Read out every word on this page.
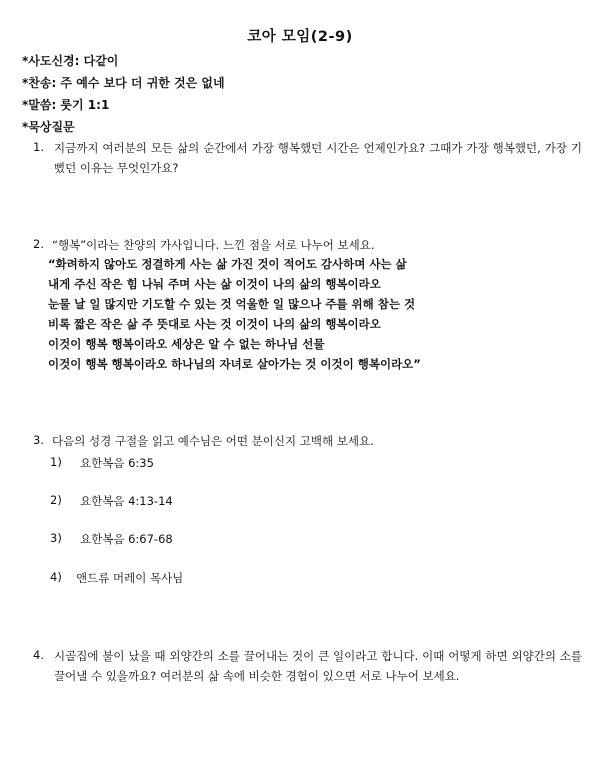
코아 모임(2-9)
*사도신경: 다같이
*찬송: 주 예수 보다 더 귀한 것은 없네
*말씀: 룻기 1:1
*묵상질문
1. 지금까지 여러분의 모든 삶의 순간에서 가장 행복했던 시간은 언제인가요? 그때가 가장 행복했던, 가장 기뻤던 이유는 무엇인가요?
2. “행복”이라는 찬양의 가사입니다. 느낀 점을 서로 나누어 보세요.
“화려하지 않아도 정결하게 사는 삶 가진 것이 적어도 감사하며 사는 삶
내게 주신 작은 힘 나눠 주며 사는 삶 이것이 나의 삶의 행복이라오
눈물 날 일 많지만 기도할 수 있는 것 억울한 일 많으나 주를 위해 참는 것
비록 짧은 작은 삶 주 뜻대로 사는 것 이것이 나의 삶의 행복이라오
이것이 행복 행복이라오 세상은 알 수 없는 하나님 선물
이것이 행복 행복이라오 하나님의 자녀로 살아가는 것 이것이 행복이라오”
3. 다음의 성경 구절을 읽고 예수님은 어떤 분이신지 고백해 보세요.
1) 요한복음 6:35
2) 요한복음 4:13-14
3) 요한복음 6:67-68
4) 앤드류 머레이 목사님
4. 시골집에 불이 났을 때 외양간의 소를 끌어내는 것이 큰 일이라고 합니다. 이때 어떻게 하면 외양간의 소를 끌어낼 수 있을까요? 여러분의 삶 속에 비슷한 경험이 있으면 서로 나누어 보세요.
